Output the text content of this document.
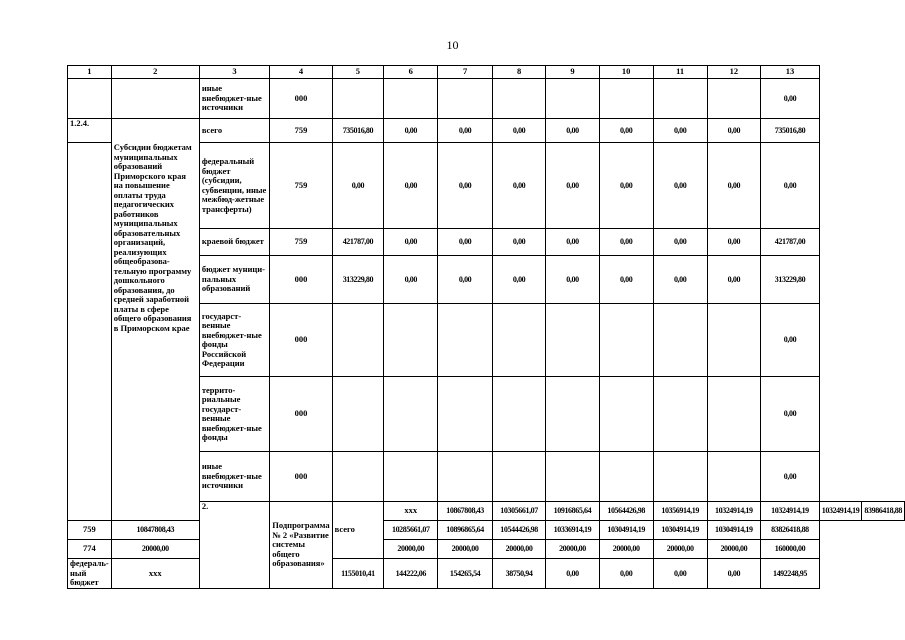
10
1	2	3	4	5	6	7	8	9	10	11	12	13		
		иные внебюджет-ные источники	000									0,00		
1.2.4.	Субсидии бюджетам муниципальных образований Приморского края на повышение оплаты труда педагогических работников муниципальных образовательных организаций, реализующих общеобразова-тельную программу дошкольного образования, до средней заработной платы в сфере общего образования в Приморском крае	всего	759	735016,80	0,00	0,00	0,00	0,00	0,00	0,00	0,00	735016,80		
		федеральный бюджет (субсидии, субвенции, иные межбюд-жетные трансферты)	759	0,00	0,00	0,00	0,00	0,00	0,00	0,00	0,00	0,00		
		краевой бюджет	759	421787,00	0,00	0,00	0,00	0,00	0,00	0,00	0,00	421787,00		
		бюджет муници-пальных образований	000	313229,80	0,00	0,00	0,00	0,00	0,00	0,00	0,00	313229,80		
		государст-венные внебюджет-ные фонды Российской Федерации	000									0,00		
		террито-риальные государст-венные внебюджет-ные фонды	000									0,00		
		иные внебюджет-ные источники	000									0,00		
		2.	Подпрограмма № 2 «Развитие системы общего образования»	всего	ххх	10867808,43	10305661,07	10916865,64	10564426,98	10356914,19	10324914,19	10324914,19	10324914,19	83986418,88
759	10847808,43				10285661,07	10896865,64	10544426,98	10336914,19	10304914,19	10304914,19	10304914,19	83826418,88		
774	20000,00				20000,00	20000,00	20000,00	20000,00	20000,00	20000,00	20000,00	160000,00		
федераль-ный бюджет	ххх			1155010,41	144222,06	154265,54	38750,94	0,00	0,00	0,00	0,00	1492248,95		
